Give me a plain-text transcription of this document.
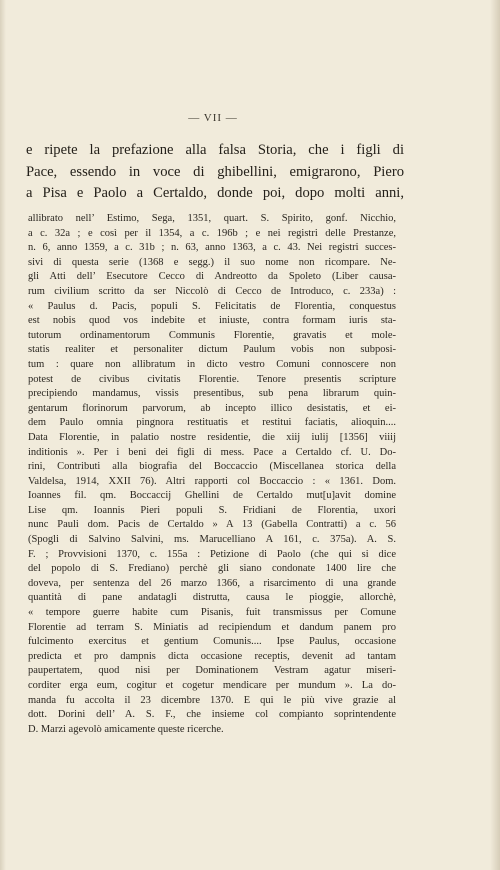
— VII —
e ripete la prefazione alla falsa Storia, che i figli di
Pace, essendo in voce di ghibellini, emigrarono, Piero
a Pisa e Paolo a Certaldo, donde poi, dopo molti anni,
allibrato nell’ Estimo, Sega, 1351, quart. S. Spirito, gonf. Nicchio,
a c. 32a ; e così per il 1354, a c. 196b ; e nei registri delle Prestanze,
n. 6, anno 1359, a c. 31b ; n. 63, anno 1363, a c. 43. Nei registri succes-
sivi di questa serie (1368 e segg.) il suo nome non ricompare. Ne-
gli Atti dell’ Esecutore Cecco di Andreotto da Spoleto (Liber causa-
rum civilium scritto da ser Niccolò di Cecco de Introduco, c. 233a) :
« Paulus d. Pacis, populi S. Felicitatis de Florentia, conquestus
est nobis quod vos indebite et iniuste, contra formam iuris sta-
tutorum ordinamentorum Communis Florentie, gravatis et mole-
statis realiter et personaliter dictum Paulum vobis non subposi-
tum : quare non allibratum in dicto vestro Comuni connoscere non
potest de civibus civitatis Florentie. Tenore presentis scripture
precipiendo mandamus, vissis presentibus, sub pena librarum quin-
gentarum florinorum parvorum, ab incepto illico desistatis, et ei-
dem Paulo omnia pingnora restituatis et restitui faciatis, alioquin....
Data Florentie, in palatio nostre residentie, die xiij iulij [1356] viiij
inditionis ». Per i beni dei figli di mess. Pace a Certaldo cf. U. Do-
rini, Contributi alla biografia del Boccaccio (Miscellanea storica della
Valdelsa, 1914, XXII 76). Altri rapporti col Boccaccio : « 1361. Dom.
Ioannes fil. qm. Boccaccij Ghellini de Certaldo mut[u]avit domine
Lise qm. Ioannis Pieri populi S. Fridiani de Florentia, uxori
nunc Pauli dom. Pacis de Certaldo » A 13 (Gabella Contratti) a c. 56
(Spogli di Salvino Salvini, ms. Marucelliano A 161, c. 375a). A. S.
F. ; Provvisioni 1370, c. 155a : Petizione di Paolo (che qui si dice
del popolo di S. Frediano) perchè gli siano condonate 1400 lire che
doveva, per sentenza del 26 marzo 1366, a risarcimento di una grande
quantità di pane andatagli distrutta, causa le pioggie, allorchè,
« tempore guerre habite cum Pisanis, fuit transmissus per Comune
Florentie ad terram S. Miniatis ad recipiendum et dandum panem pro
fulcimento exercitus et gentium Comunis.... Ipse Paulus, occasione
predicta et pro dampnis dicta occasione receptis, devenit ad tantam
paupertatem, quod nisi per Dominationem Vestram agatur miseri-
corditer erga eum, cogitur et cogetur mendicare per mundum ». La do-
manda fu accolta il 23 dicembre 1370. E qui le più vive grazie al
dott. Dorini dell’ A. S. F., che insieme col compianto soprintendente
D. Marzi agevolò amicamente queste ricerche.
